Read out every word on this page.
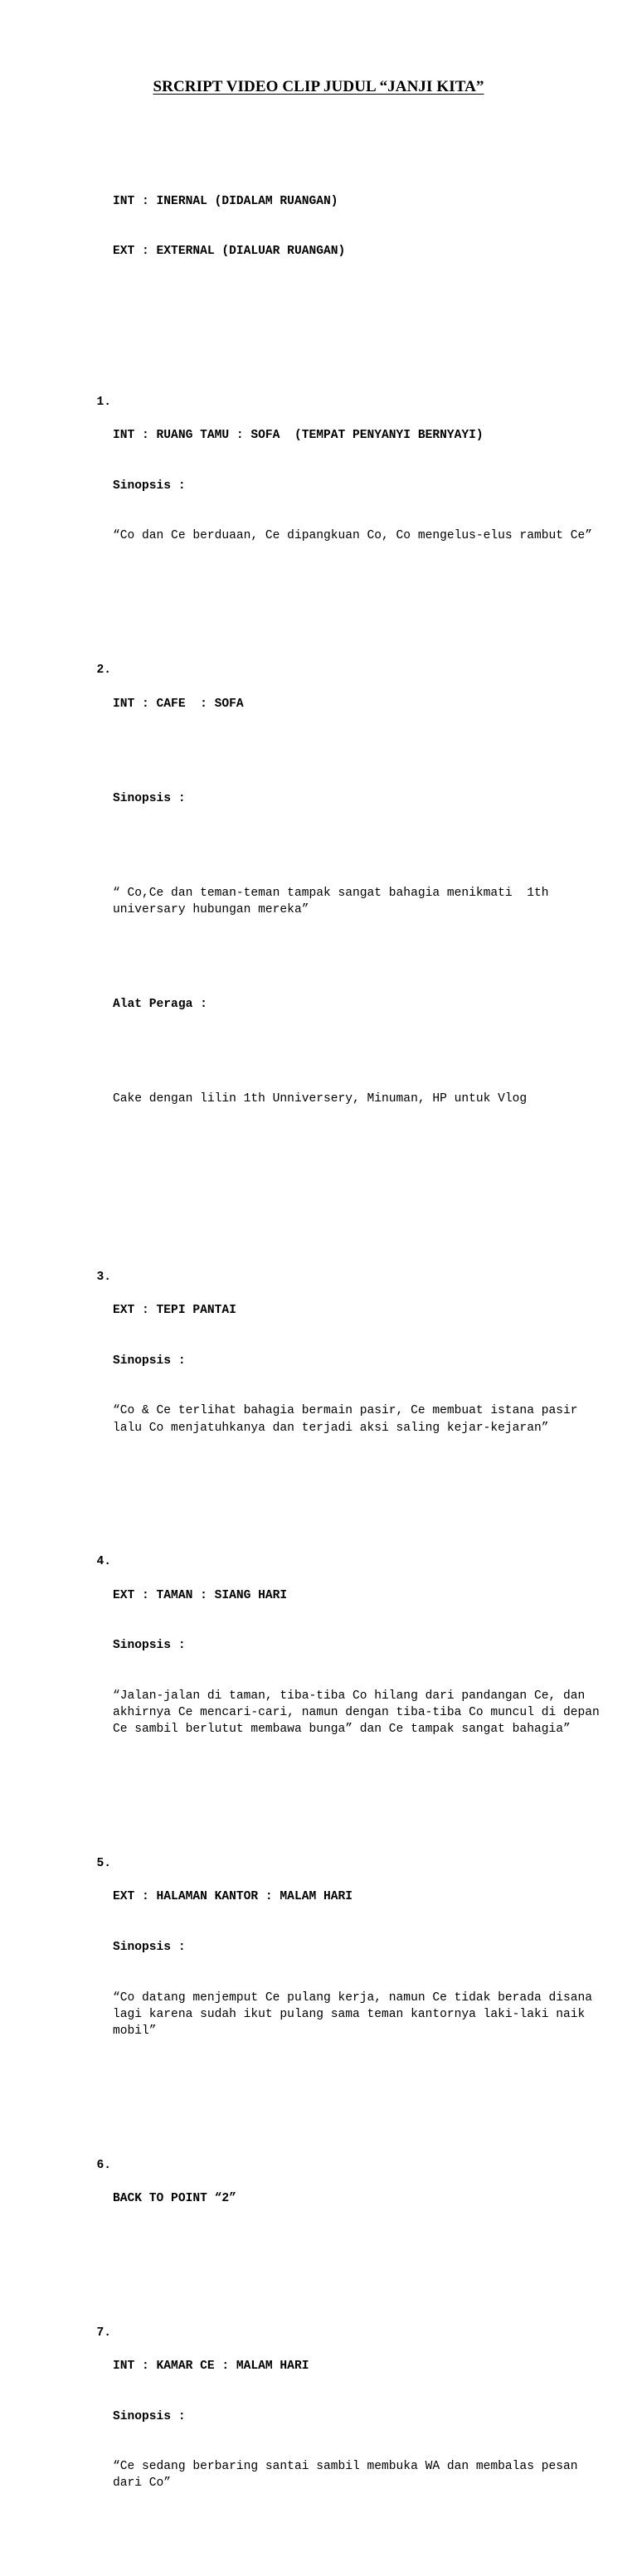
SRCRIPT VIDEO CLIP JUDUL “JANJI KITA”

INT : INERNAL (DIDALAM RUANGAN)

EXT : EXTERNAL (DIALUAR RUANGAN)

1.

INT : RUANG TAMU : SOFA  (TEMPAT PENYANYI BERNYAYI)

Sinopsis :

“Co dan Ce berduaan, Ce dipangkuan Co, Co mengelus-elus rambut Ce”

2.

INT : CAFE  : SOFA

Sinopsis :

“ Co,Ce dan teman-teman tampak sangat bahagia menikmati  1th universary hubungan mereka”

Alat Peraga :

Cake dengan lilin 1th Unniversery, Minuman, HP untuk Vlog

3.

EXT : TEPI PANTAI

Sinopsis :

“Co & Ce terlihat bahagia bermain pasir, Ce membuat istana pasir lalu Co menjatuhkanya dan terjadi aksi saling kejar-kejaran”

4.

EXT : TAMAN : SIANG HARI

Sinopsis :

“Jalan-jalan di taman, tiba-tiba Co hilang dari pandangan Ce, dan akhirnya Ce mencari-cari, namun dengan tiba-tiba Co muncul di depan Ce sambil berlutut membawa bunga” dan Ce tampak sangat bahagia”

5.

EXT : HALAMAN KANTOR : MALAM HARI

Sinopsis :

“Co datang menjemput Ce pulang kerja, namun Ce tidak berada disana lagi karena sudah ikut pulang sama teman kantornya laki-laki naik mobil”

6.

BACK TO POINT “2”

7.

INT : KAMAR CE : MALAM HARI

Sinopsis :

“Ce sedang berbaring santai sambil membuka WA dan membalas pesan dari Co”
